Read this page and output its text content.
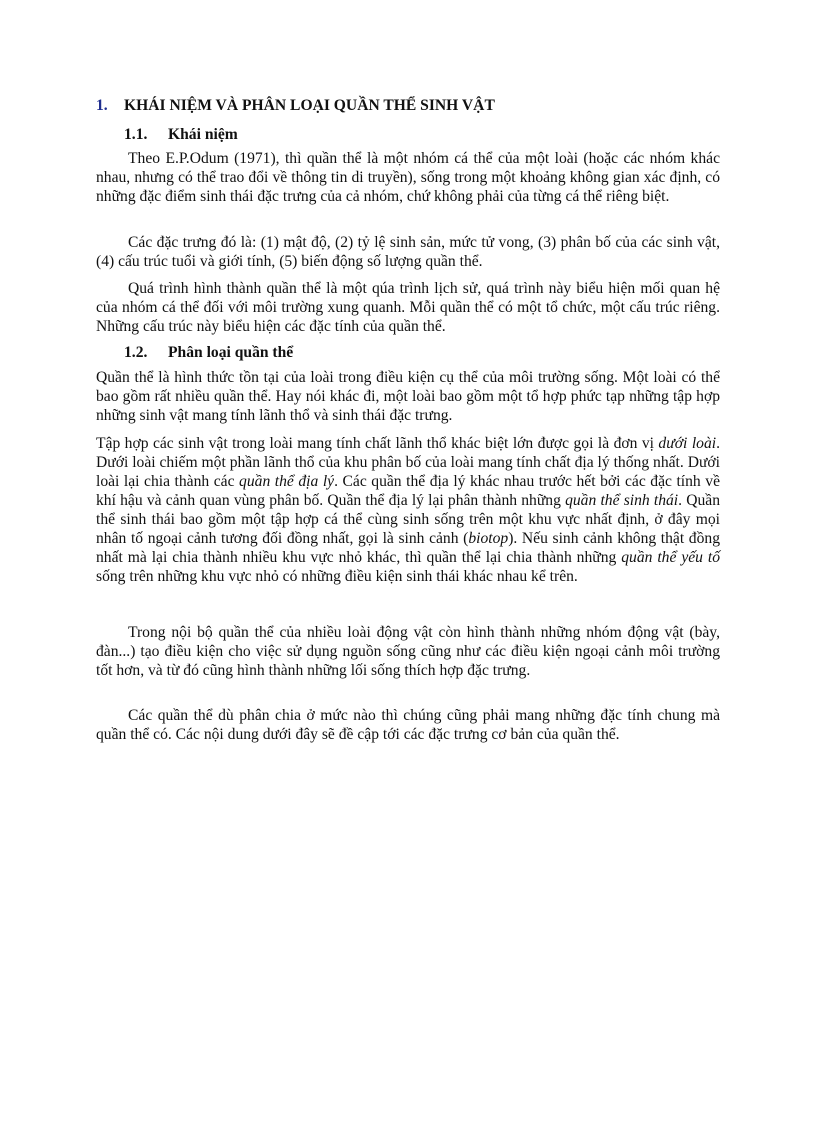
1. KHÁI NIỆM VÀ PHÂN LOẠI QUẦN THỂ SINH VẬT
1.1. Khái niệm

Theo E.P.Odum (1971), thì quần thể là một nhóm cá thể của một loài (hoặc các nhóm khác nhau, nhưng có thể trao đổi về thông tin di truyền), sống trong một khoảng không gian xác định, có những đặc điểm sinh thái đặc trưng của cả nhóm, chứ không phải của từng cá thể riêng biệt.

Các đặc trưng đó là: (1) mật độ, (2) tỷ lệ sinh sản, mức tử vong, (3) phân bố của các sinh vật, (4) cấu trúc tuổi và giới tính, (5) biến động số lượng quần thể.

Quá trình hình thành quần thể là một qúa trình lịch sử, quá trình này biểu hiện mối quan hệ của nhóm cá thể đối với môi trường xung quanh. Mỗi quần thể có một tổ chức, một cấu trúc riêng. Những cấu trúc này biểu hiện các đặc tính của quần thể.

1.2. Phân loại quần thể

Quần thể là hình thức tồn tại của loài trong điều kiện cụ thể của môi trường sống. Một loài có thể bao gồm rất nhiều quần thể. Hay nói khác đi, một loài bao gồm một tổ hợp phức tạp những tập hợp những sinh vật mang tính lãnh thổ và sinh thái đặc trưng.

Tập hợp các sinh vật trong loài mang tính chất lãnh thổ khác biệt lớn được gọi là đơn vị dưới loài. Dưới loài chiếm một phần lãnh thổ của khu phân bố của loài mang tính chất địa lý thống nhất. Dưới loài lại chia thành các quần thể địa lý. Các quần thể địa lý khác nhau trước hết bởi các đặc tính về khí hậu và cảnh quan vùng phân bố. Quần thể địa lý lại phân thành những quần thể sinh thái. Quần thể sinh thái bao gồm một tập hợp cá thể cùng sinh sống trên một khu vực nhất định, ở đây mọi nhân tố ngoại cảnh tương đối đồng nhất, gọi là sinh cảnh (biotop). Nếu sinh cảnh không thật đồng nhất mà lại chia thành nhiều khu vực nhỏ khác, thì quần thể lại chia thành những quần thể yếu tố sống trên những khu vực nhỏ có những điều kiện sinh thái khác nhau kể trên.

Trong nội bộ quần thể của nhiều loài động vật còn hình thành những nhóm động vật (bày, đàn...) tạo điều kiện cho việc sử dụng nguồn sống cũng như các điều kiện ngoại cảnh môi trường tốt hơn, và từ đó cũng hình thành những lối sống thích hợp đặc trưng.

Các quần thể dù phân chia ở mức nào thì chúng cũng phải mang những đặc tính chung mà quần thể có. Các nội dung dưới đây sẽ đề cập tới các đặc trưng cơ bản của quần thể.
